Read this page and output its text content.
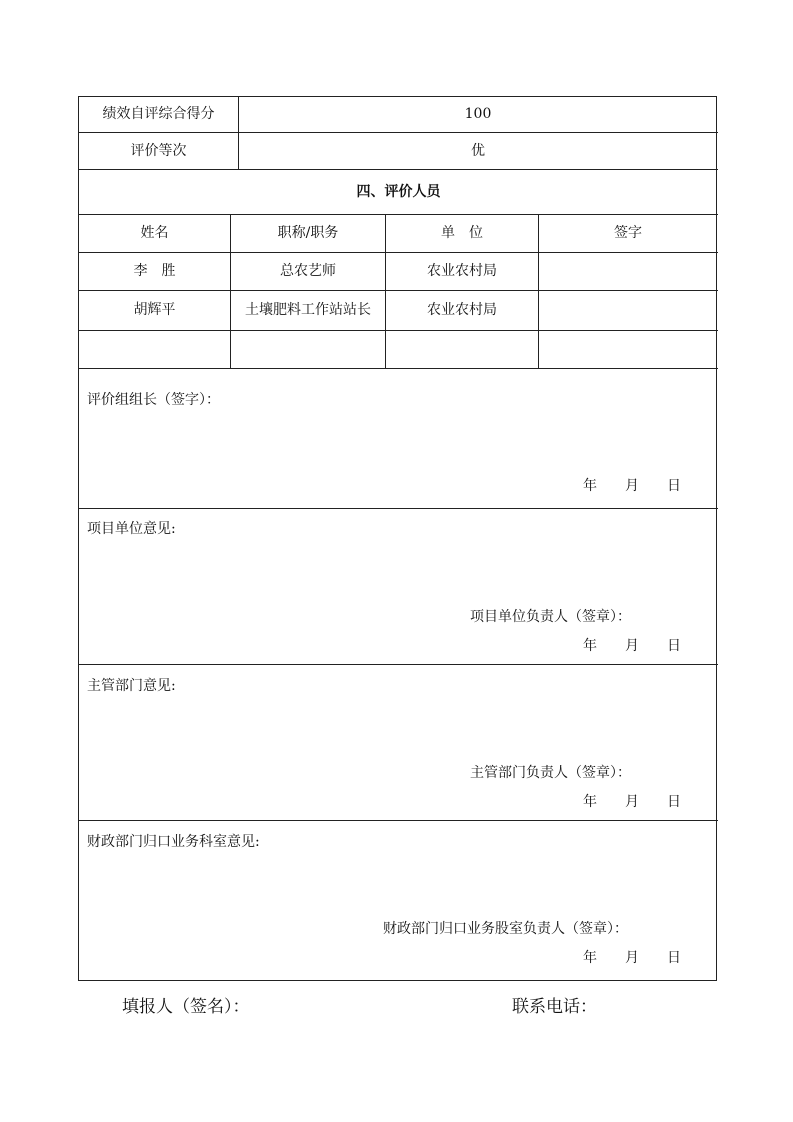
绩效自评综合得分	100
评价等次	优
四、评价人员
姓名	职称/职务	单　位	签字
李　胜	总农艺师	农业农村局
胡辉平	土壤肥料工作站站长	农业农村局
评价组组长（签字）：
年　　月　　日
项目单位意见:
项目单位负责人（签章）：
年　　月　　日
主管部门意见:
主管部门负责人（签章）：
年　　月　　日
财政部门归口业务科室意见:
财政部门归口业务股室负责人（签章）：
年　　月　　日
填报人（签名）：	联系电话：
